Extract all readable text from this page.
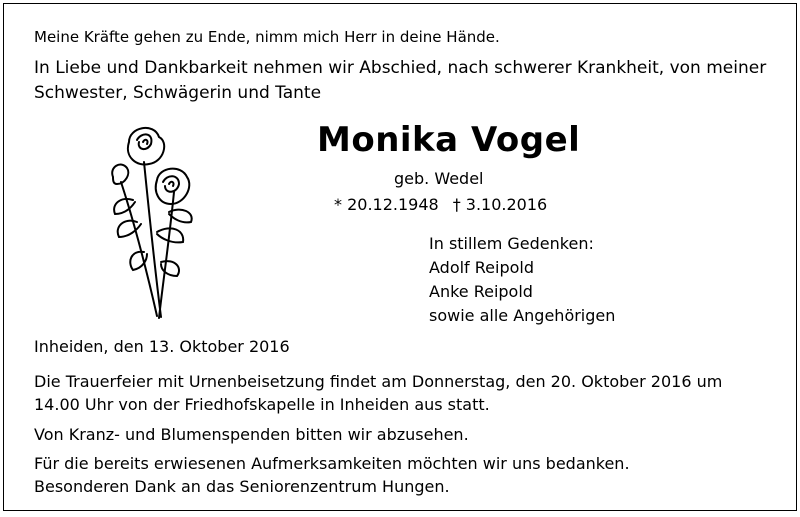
Meine Kräfte gehen zu Ende, nimm mich Herr in deine Hände.
In Liebe und Dankbarkeit nehmen wir Abschied, nach schwerer Krankheit, von meiner
Schwester, Schwägerin und Tante
Monika Vogel
geb. Wedel
* 20.12.1948 † 3.10.2016
In stillem Gedenken:
Adolf Reipold
Anke Reipold
sowie alle Angehörigen
Inheiden, den 13. Oktober 2016
Die Trauerfeier mit Urnenbeisetzung findet am Donnerstag, den 20. Oktober 2016 um
14.00 Uhr von der Friedhofskapelle in Inheiden aus statt.
Von Kranz- und Blumenspenden bitten wir abzusehen.
Für die bereits erwiesenen Aufmerksamkeiten möchten wir uns bedanken.
Besonderen Dank an das Seniorenzentrum Hungen.
